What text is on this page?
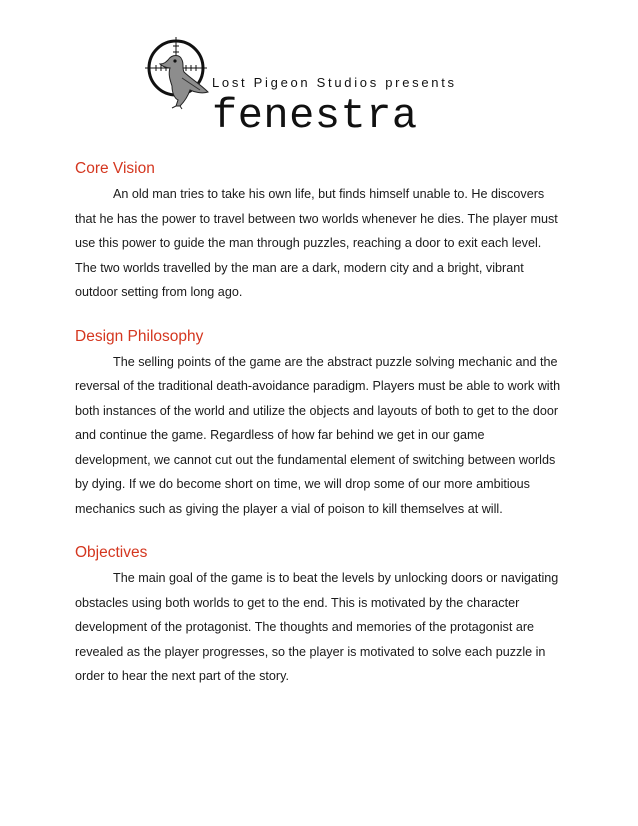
Lost Pigeon Studios presents
fenestra
Core Vision

An old man tries to take his own life, but finds himself unable to. He discovers that he has the power to travel between two worlds whenever he dies. The player must use this power to guide the man through puzzles, reaching a door to exit each level. The two worlds travelled by the man are a dark, modern city and a bright, vibrant outdoor setting from long ago.

Design Philosophy

The selling points of the game are the abstract puzzle solving mechanic and the reversal of the traditional death-avoidance paradigm. Players must be able to work with both instances of the world and utilize the objects and layouts of both to get to the door and continue the game. Regardless of how far behind we get in our game development, we cannot cut out the fundamental element of switching between worlds by dying. If we do become short on time, we will drop some of our more ambitious mechanics such as giving the player a vial of poison to kill themselves at will.

Objectives

The main goal of the game is to beat the levels by unlocking doors or navigating obstacles using both worlds to get to the end. This is motivated by the character development of the protagonist. The thoughts and memories of the protagonist are revealed as the player progresses, so the player is motivated to solve each puzzle in order to hear the next part of the story.
